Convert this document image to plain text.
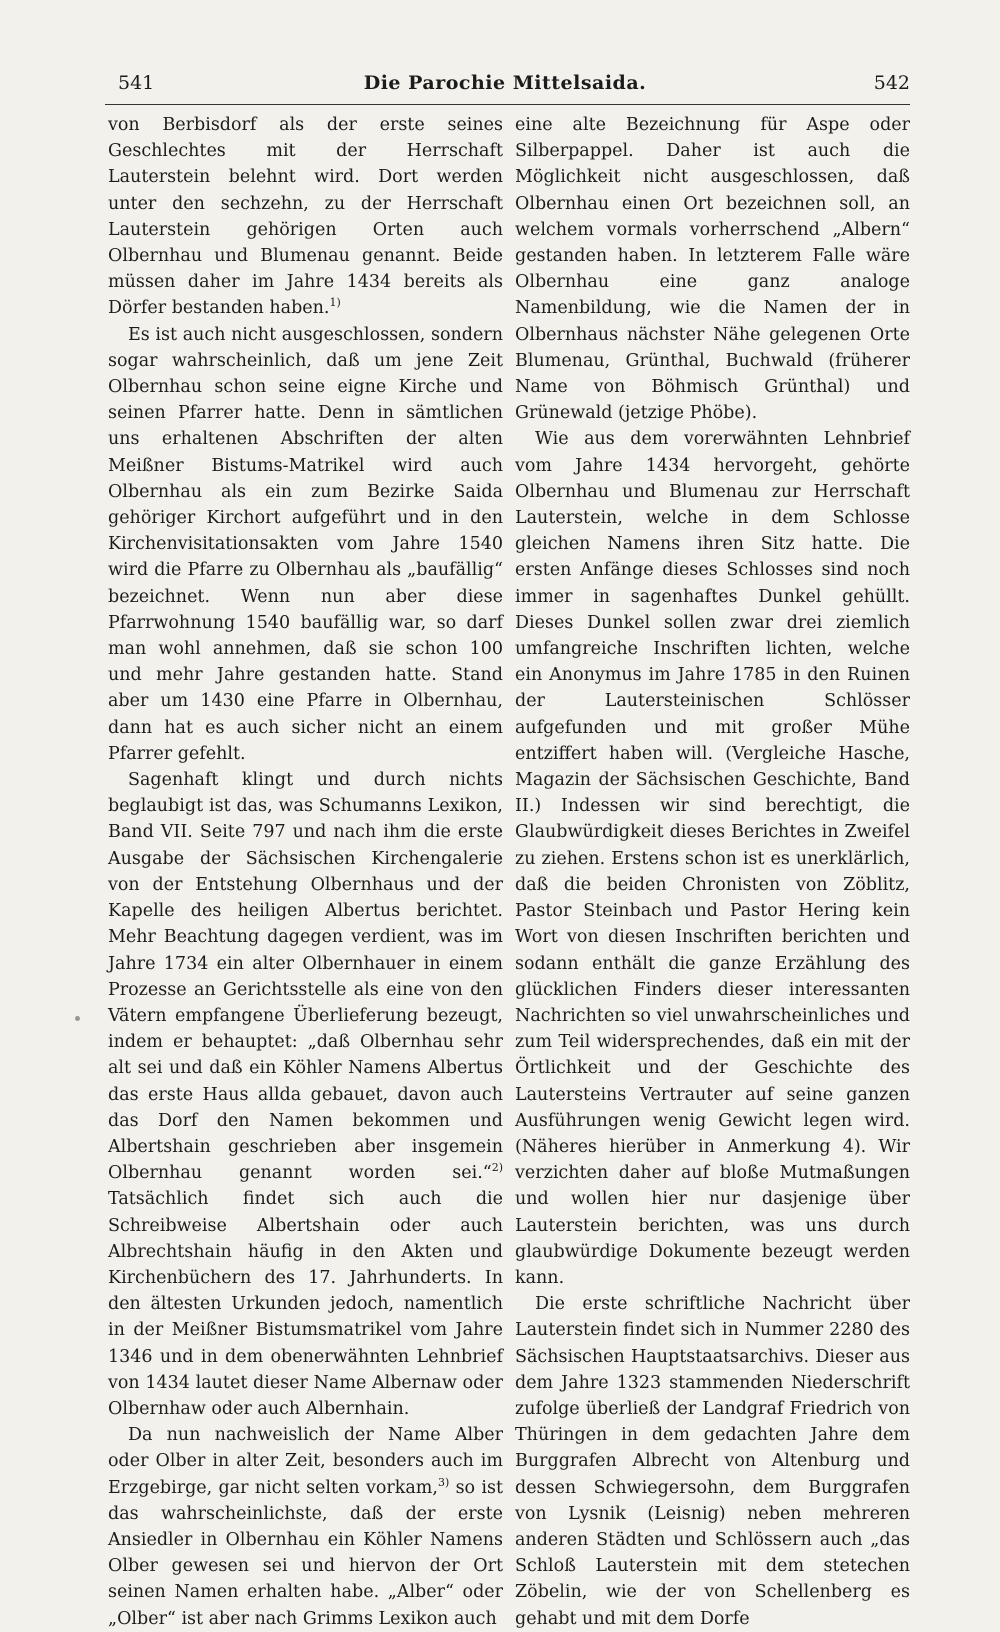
541	Die Parochie Mittelsaida.	542

von Berbisdorf als der erste seines Geschlechtes mit der Herrschaft Lauterstein belehnt wird. Dort werden unter den sechzehn, zu der Herrschaft Lauterstein gehörigen Orten auch Olbernhau und Blumenau genannt. Beide müssen daher im Jahre 1434 bereits als Dörfer bestanden haben.$^{1)}$

Es ist auch nicht ausgeschlossen, sondern sogar wahrscheinlich, daß um jene Zeit Olbernhau schon seine eigne Kirche und seinen Pfarrer hatte. Denn in sämtlichen uns erhaltenen Abschriften der alten Meißner Bistums-Matrikel wird auch Olbernhau als ein zum Bezirke Saida gehöriger Kirchort aufgeführt und in den Kirchenvisitationsakten vom Jahre 1540 wird die Pfarre zu Olbernhau als „baufällig“ bezeichnet. Wenn nun aber diese Pfarrwohnung 1540 baufällig war, so darf man wohl annehmen, daß sie schon 100 und mehr Jahre gestanden hatte. Stand aber um 1430 eine Pfarre in Olbernhau, dann hat es auch sicher nicht an einem Pfarrer gefehlt.

Sagenhaft klingt und durch nichts beglaubigt ist das, was Schumanns Lexikon, Band VII. Seite 797 und nach ihm die erste Ausgabe der Sächsischen Kirchengalerie von der Entstehung Olbernhaus und der Kapelle des heiligen Albertus berichtet. Mehr Beachtung dagegen verdient, was im Jahre 1734 ein alter Olbernhauer in einem Prozesse an Gerichtsstelle als eine von den Vätern empfangene Überlieferung bezeugt, indem er behauptet: „daß Olbernhau sehr alt sei und daß ein Köhler Namens Albertus das erste Haus allda gebauet, davon auch das Dorf den Namen bekommen und Albertshain geschrieben aber insgemein Olbernhau genannt worden sei.“$^{2)}$ Tatsächlich findet sich auch die Schreibweise Albertshain oder auch Albrechtshain häufig in den Akten und Kirchenbüchern des 17. Jahrhunderts. In den ältesten Urkunden jedoch, namentlich in der Meißner Bistumsmatrikel vom Jahre 1346 und in dem obenerwähnten Lehnbrief von 1434 lautet dieser Name Albernaw oder Olbernhaw oder auch Albernhain.

Da nun nachweislich der Name Alber oder Olber in alter Zeit, besonders auch im Erzgebirge, gar nicht selten vorkam,$^{3)}$ so ist das wahrscheinlichste, daß der erste Ansiedler in Olbernhau ein Köhler Namens Olber gewesen sei und hiervon der Ort seinen Namen erhalten habe. „Alber“ oder „Olber“ ist aber nach Grimms Lexikon auch

eine alte Bezeichnung für Aspe oder Silberpappel. Daher ist auch die Möglichkeit nicht ausgeschlossen, daß Olbernhau einen Ort bezeichnen soll, an welchem vormals vorherrschend „Albern“ gestanden haben. In letzterem Falle wäre Olbernhau eine ganz analoge Namenbildung, wie die Namen der in Olbernhaus nächster Nähe gelegenen Orte Blumenau, Grünthal, Buchwald (früherer Name von Böhmisch Grünthal) und Grünewald (jetzige Phöbe).

Wie aus dem vorerwähnten Lehnbrief vom Jahre 1434 hervorgeht, gehörte Olbernhau und Blumenau zur Herrschaft Lauterstein, welche in dem Schlosse gleichen Namens ihren Sitz hatte. Die ersten Anfänge dieses Schlosses sind noch immer in sagenhaftes Dunkel gehüllt. Dieses Dunkel sollen zwar drei ziemlich umfangreiche Inschriften lichten, welche ein Anonymus im Jahre 1785 in den Ruinen der Lautersteinischen Schlösser aufgefunden und mit großer Mühe entziffert haben will. (Vergleiche Hasche, Magazin der Sächsischen Geschichte, Band II.) Indessen wir sind berechtigt, die Glaubwürdigkeit dieses Berichtes in Zweifel zu ziehen. Erstens schon ist es unerklärlich, daß die beiden Chronisten von Zöblitz, Pastor Steinbach und Pastor Hering kein Wort von diesen Inschriften berichten und sodann enthält die ganze Erzählung des glücklichen Finders dieser interessanten Nachrichten so viel unwahrscheinliches und zum Teil widersprechendes, daß ein mit der Örtlichkeit und der Geschichte des Lautersteins Vertrauter auf seine ganzen Ausführungen wenig Gewicht legen wird. (Näheres hierüber in Anmerkung 4). Wir verzichten daher auf bloße Mutmaßungen und wollen hier nur dasjenige über Lauterstein berichten, was uns durch glaubwürdige Dokumente bezeugt werden kann.

Die erste schriftliche Nachricht über Lauterstein findet sich in Nummer 2280 des Sächsischen Hauptstaatsarchivs. Dieser aus dem Jahre 1323 stammenden Niederschrift zufolge überließ der Landgraf Friedrich von Thüringen in dem gedachten Jahre dem Burggrafen Albrecht von Altenburg und dessen Schwiegersohn, dem Burggrafen von Lysnik (Leisnig) neben mehreren anderen Städten und Schlössern auch „das Schloß Lauterstein mit dem stetechen Zöbelin, wie der von Schellenberg es gehabt und mit dem Dorfe
